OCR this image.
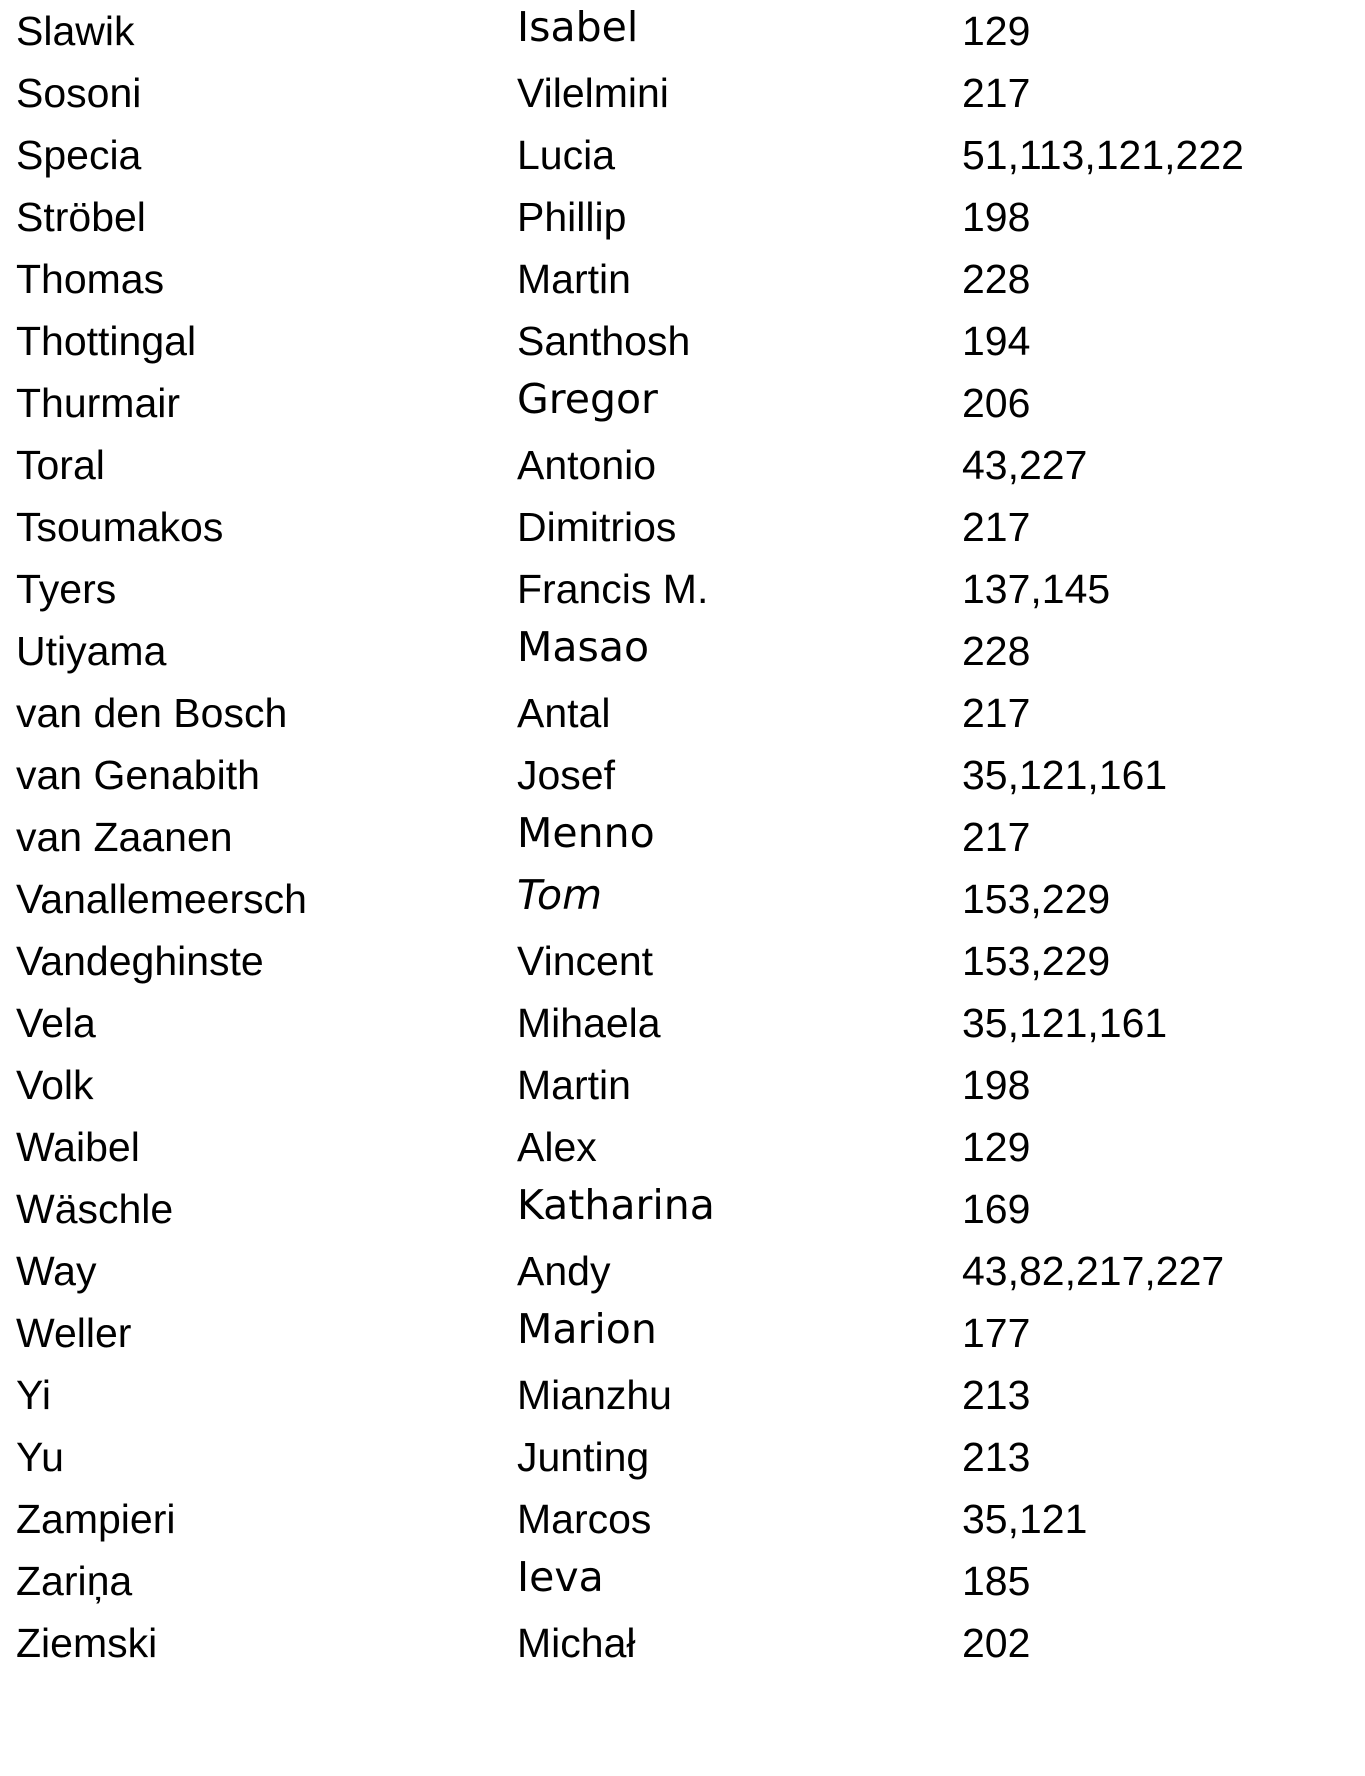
Slawik	Isabel	129
Sosoni	Vilelmini	217
Specia	Lucia	51,113,121,222
Ströbel	Phillip	198
Thomas	Martin	228
Thottingal	Santhosh	194
Thurmair	Gregor	206
Toral	Antonio	43,227
Tsoumakos	Dimitrios	217
Tyers	Francis M.	137,145
Utiyama	Masao	228
van den Bosch	Antal	217
van Genabith	Josef	35,121,161
van Zaanen	Menno	217
Vanallemeersch	Tom	153,229
Vandeghinste	Vincent	153,229
Vela	Mihaela	35,121,161
Volk	Martin	198
Waibel	Alex	129
Wäschle	Katharina	169
Way	Andy	43,82,217,227
Weller	Marion	177
Yi	Mianzhu	213
Yu	Junting	213
Zampieri	Marcos	35,121
Zariņa	Ieva	185
Ziemski	Michał	202
